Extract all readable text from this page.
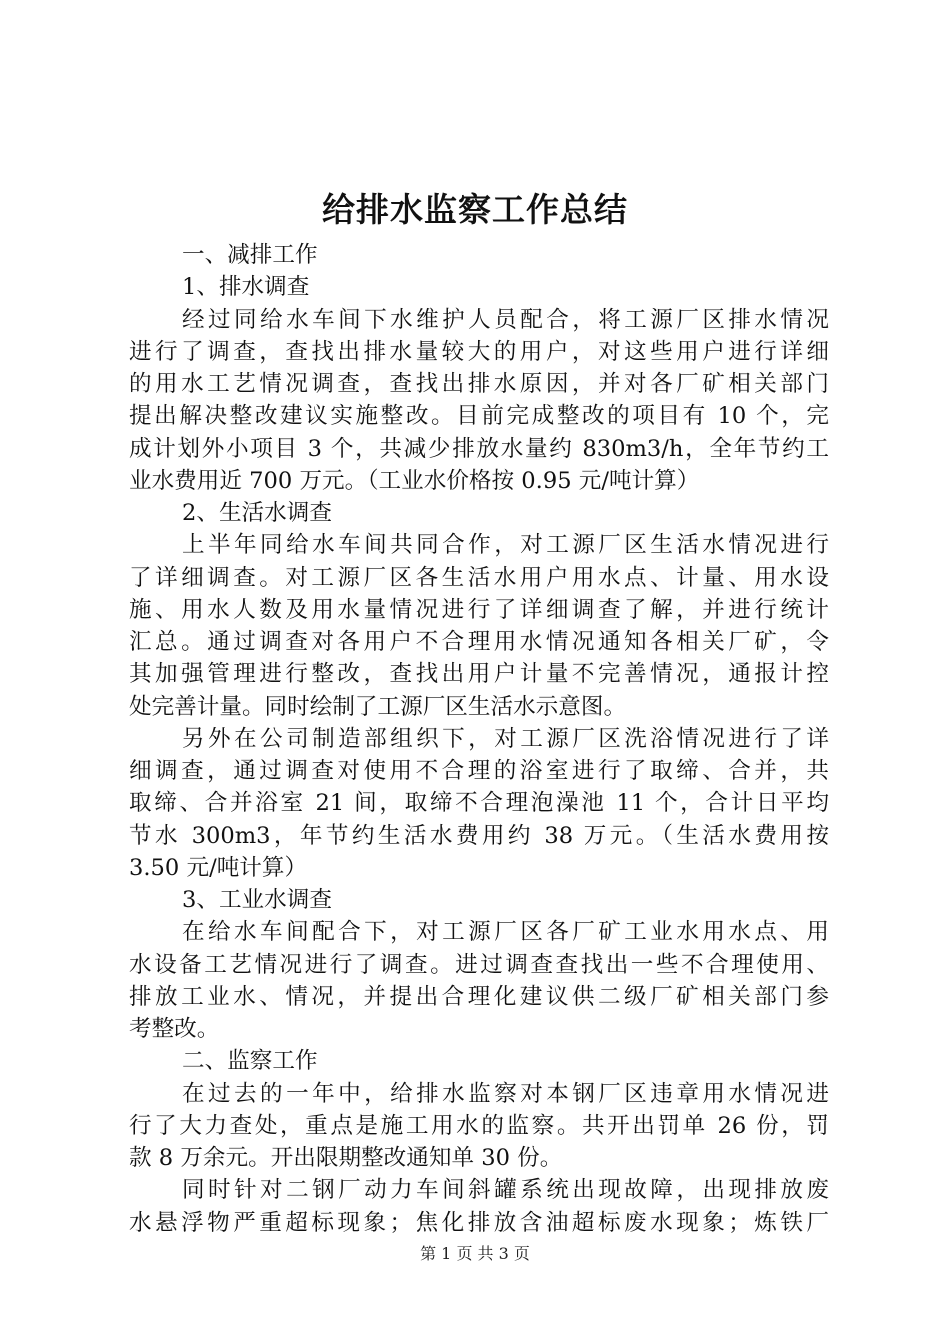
给排水监察工作总结
一、减排工作
1、排水调查
经过同给水车间下水维护人员配合，将工源厂区排水情况
进行了调查，查找出排水量较大的用户，对这些用户进行详细
的用水工艺情况调查，查找出排水原因，并对各厂矿相关部门
提出解决整改建议实施整改。目前完成整改的项目有 10 个，完
成计划外小项目 3 个，共减少排放水量约 830m3/h，全年节约工
业水费用近 700 万元。（工业水价格按 0.95 元/吨计算）
2、生活水调查
上半年同给水车间共同合作，对工源厂区生活水情况进行
了详细调查。对工源厂区各生活水用户用水点、计量、用水设
施、用水人数及用水量情况进行了详细调查了解，并进行统计
汇总。通过调查对各用户不合理用水情况通知各相关厂矿，令
其加强管理进行整改，查找出用户计量不完善情况，通报计控
处完善计量。同时绘制了工源厂区生活水示意图。
另外在公司制造部组织下，对工源厂区洗浴情况进行了详
细调查，通过调查对使用不合理的浴室进行了取缔、合并，共
取缔、合并浴室 21 间，取缔不合理泡澡池 11 个，合计日平均
节水 300m3，年节约生活水费用约 38 万元。（生活水费用按
3.50 元/吨计算）
3、工业水调查
在给水车间配合下，对工源厂区各厂矿工业水用水点、用
水设备工艺情况进行了调查。进过调查查找出一些不合理使用、
排放工业水、情况，并提出合理化建议供二级厂矿相关部门参
考整改。
二、监察工作
在过去的一年中，给排水监察对本钢厂区违章用水情况进
行了大力查处，重点是施工用水的监察。共开出罚单 26 份，罚
款 8 万余元。开出限期整改通知单 30 份。
同时针对二钢厂动力车间斜罐系统出现故障，出现排放废
水悬浮物严重超标现象；焦化排放含油超标废水现象；炼铁厂
第 1 页 共 3 页
